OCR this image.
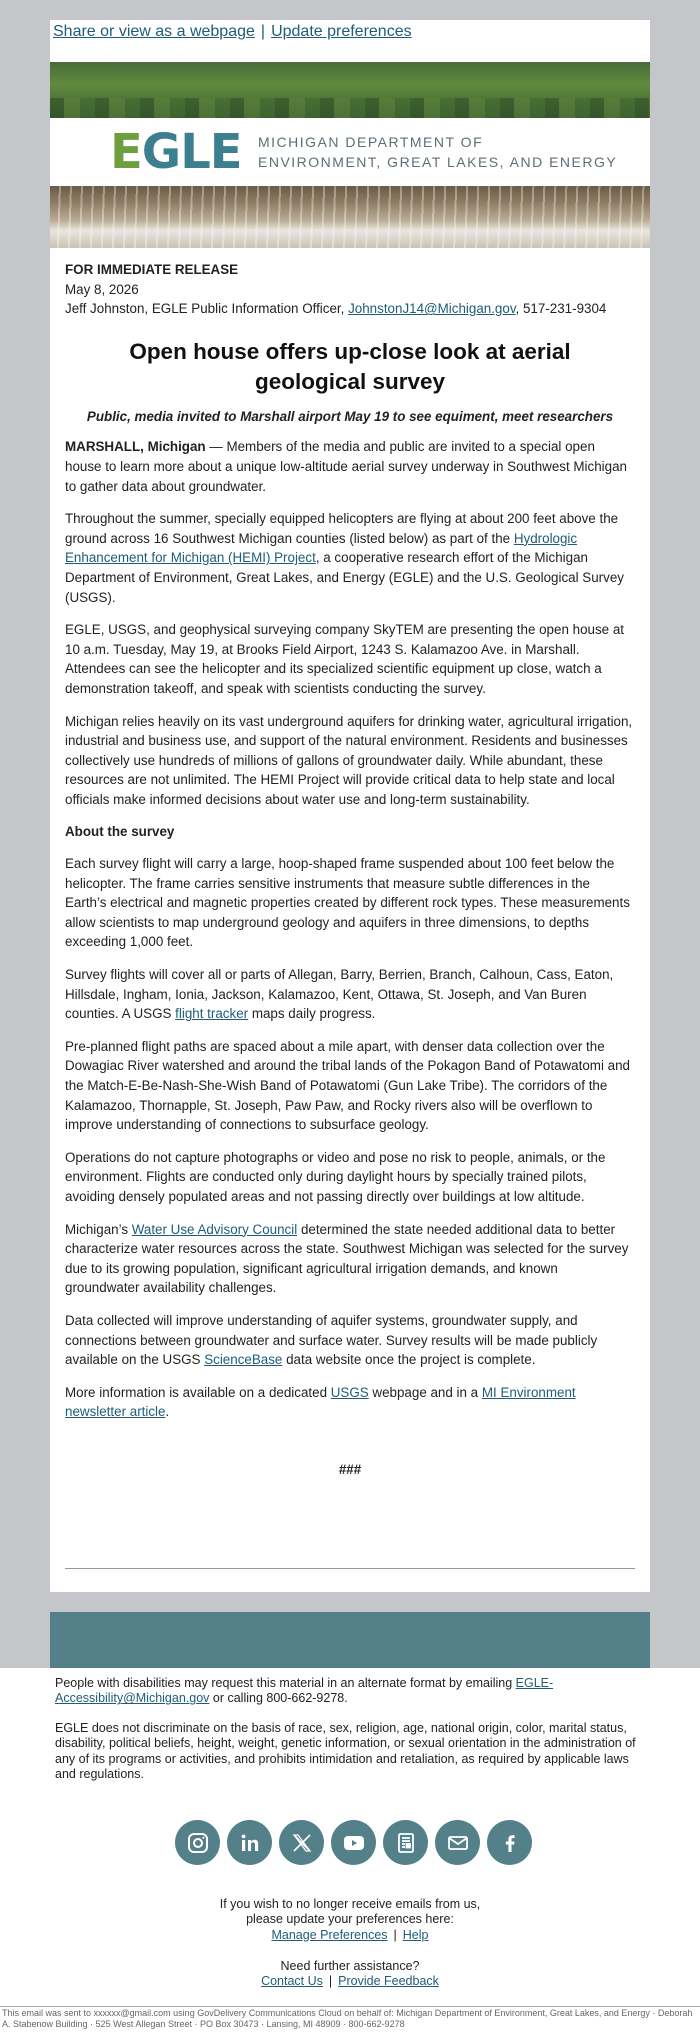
Share or view as a webpage | Update preferences
EGLE MICHIGAN DEPARTMENT OF
ENVIRONMENT, GREAT LAKES, AND ENERGY
FOR IMMEDIATE RELEASE
May 8, 2026
Jeff Johnston, EGLE Public Information Officer, JohnstonJ14@Michigan.gov, 517-231-9304
Open house offers up-close look at aerial geological survey
Public, media invited to Marshall airport May 19 to see equiment, meet researchers

MARSHALL, Michigan — Members of the media and public are invited to a special open house to learn more about a unique low-altitude aerial survey underway in Southwest Michigan to gather data about groundwater.

Throughout the summer, specially equipped helicopters are flying at about 200 feet above the ground across 16 Southwest Michigan counties (listed below) as part of the Hydrologic Enhancement for Michigan (HEMI) Project, a cooperative research effort of the Michigan Department of Environment, Great Lakes, and Energy (EGLE) and the U.S. Geological Survey (USGS).

EGLE, USGS, and geophysical surveying company SkyTEM are presenting the open house at 10 a.m. Tuesday, May 19, at Brooks Field Airport, 1243 S. Kalamazoo Ave. in Marshall. Attendees can see the helicopter and its specialized scientific equipment up close, watch a demonstration takeoff, and speak with scientists conducting the survey.

Michigan relies heavily on its vast underground aquifers for drinking water, agricultural irrigation, industrial and business use, and support of the natural environment. Residents and businesses collectively use hundreds of millions of gallons of groundwater daily. While abundant, these resources are not unlimited. The HEMI Project will provide critical data to help state and local officials make informed decisions about water use and long-term sustainability.

About the survey

Each survey flight will carry a large, hoop-shaped frame suspended about 100 feet below the helicopter. The frame carries sensitive instruments that measure subtle differences in the Earth’s electrical and magnetic properties created by different rock types. These measurements allow scientists to map underground geology and aquifers in three dimensions, to depths exceeding 1,000 feet.

Survey flights will cover all or parts of Allegan, Barry, Berrien, Branch, Calhoun, Cass, Eaton, Hillsdale, Ingham, Ionia, Jackson, Kalamazoo, Kent, Ottawa, St. Joseph, and Van Buren counties. A USGS flight tracker maps daily progress.

Pre-planned flight paths are spaced about a mile apart, with denser data collection over the Dowagiac River watershed and around the tribal lands of the Pokagon Band of Potawatomi and the Match-E-Be-Nash-She-Wish Band of Potawatomi (Gun Lake Tribe). The corridors of the Kalamazoo, Thornapple, St. Joseph, Paw Paw, and Rocky rivers also will be overflown to improve understanding of connections to subsurface geology.

Operations do not capture photographs or video and pose no risk to people, animals, or the environment. Flights are conducted only during daylight hours by specially trained pilots, avoiding densely populated areas and not passing directly over buildings at low altitude.

Michigan’s Water Use Advisory Council determined the state needed additional data to better characterize water resources across the state. Southwest Michigan was selected for the survey due to its growing population, significant agricultural irrigation demands, and known groundwater availability challenges.

Data collected will improve understanding of aquifer systems, groundwater supply, and connections between groundwater and surface water. Survey results will be made publicly available on the USGS ScienceBase data website once the project is complete.

More information is available on a dedicated USGS webpage and in a MI Environment newsletter article.

###
People with disabilities may request this material in an alternate format by emailing EGLE-Accessibility@Michigan.gov or calling 800-662-9278.
EGLE does not discriminate on the basis of race, sex, religion, age, national origin, color, marital status, disability, political beliefs, height, weight, genetic information, or sexual orientation in the administration of any of its programs or activities, and prohibits intimidation and retaliation, as required by applicable laws and regulations.
If you wish to no longer receive emails from us,
please update your preferences here:
Manage Preferences | Help
Need further assistance?
Contact Us | Provide Feedback
This email was sent to xxxxxx@gmail.com using GovDelivery Communications Cloud on behalf of: Michigan Department of Environment, Great Lakes, and Energy · Deborah A. Stabenow Building · 525 West Allegan Street · PO Box 30473 · Lansing, MI 48909 · 800-662-9278
